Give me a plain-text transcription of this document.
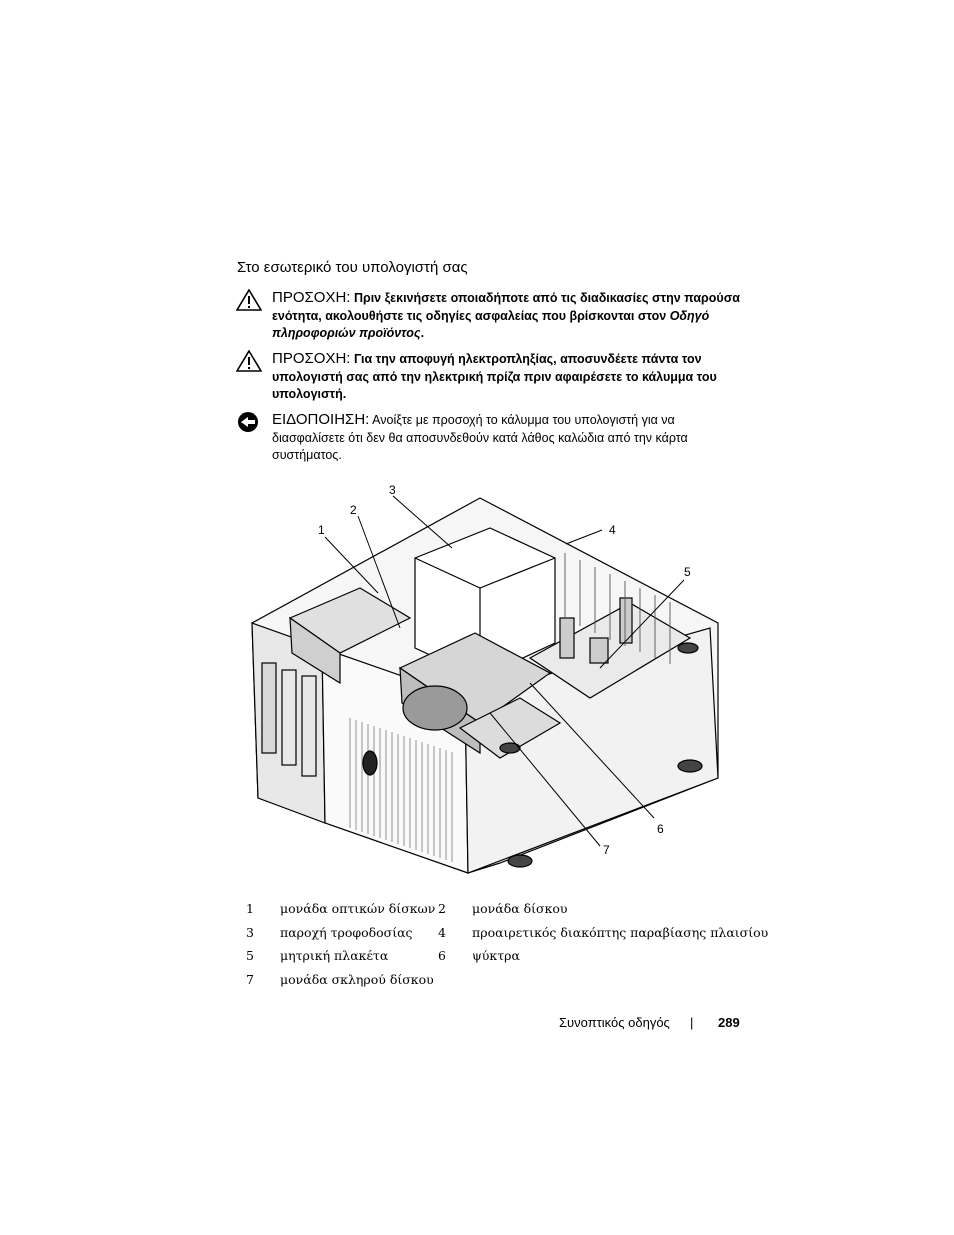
Στο εσωτερικό του υπολογιστή σας
ΠΡΟΣΟΧΗ: Πριν ξεκινήσετε οποιαδήποτε από τις διαδικασίες στην παρούσα ενότητα, ακολουθήστε τις οδηγίες ασφαλείας που βρίσκονται στον Οδηγό πληροφοριών προϊόντος.
ΠΡΟΣΟΧΗ: Για την αποφυγή ηλεκτροπληξίας, αποσυνδέετε πάντα τον υπολογιστή σας από την ηλεκτρική πρίζα πριν αφαιρέσετε το κάλυμμα του υπολογιστή.
ΕΙΔΟΠΟΙΗΣΗ: Ανοίξτε με προσοχή το κάλυμμα του υπολογιστή για να διασφαλίσετε ότι δεν θα αποσυνδεθούν κατά λάθος καλώδια από την κάρτα συστήματος.
1
2
3
4
5
6
7
1	μονάδα οπτικών δίσκων	2	μονάδα δίσκου
3	παροχή τροφοδοσίας	4	προαιρετικός διακόπτης παραβίασης πλαισίου
5	μητρική πλακέτα	6	ψύκτρα
7	μονάδα σκληρού δίσκου		
Συνοπτικός οδηγός | 289
